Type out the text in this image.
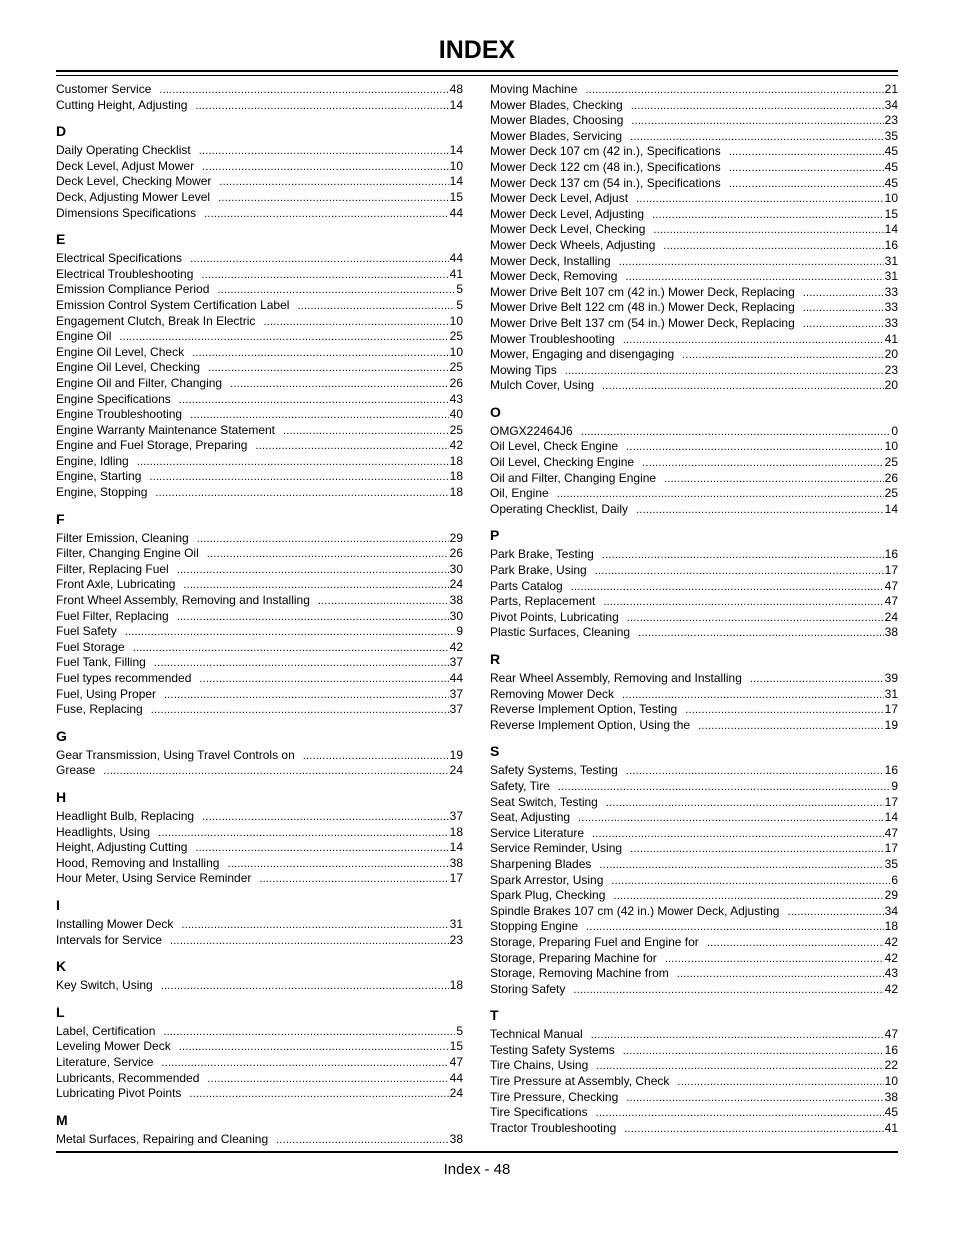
INDEX
Customer Service .....	48
Cutting Height, Adjusting .....	14
D
Daily Operating Checklist .....	14
Deck Level, Adjust Mower .....	10
Deck Level, Checking Mower .....	14
Deck, Adjusting Mower Level .....	15
Dimensions Specifications .....	44
E
Electrical Specifications .....	44
Electrical Troubleshooting .....	41
Emission Compliance Period .....	5
Emission Control System Certification Label .....	5
Engagement Clutch, Break In Electric .....	10
Engine Oil .....	25
Engine Oil Level, Check .....	10
Engine Oil Level, Checking .....	25
Engine Oil and Filter, Changing .....	26
Engine Specifications .....	43
Engine Troubleshooting .....	40
Engine Warranty Maintenance Statement .....	25
Engine and Fuel Storage, Preparing .....	42
Engine, Idling .....	18
Engine, Starting .....	18
Engine, Stopping .....	18
F
Filter Emission, Cleaning .....	29
Filter, Changing Engine Oil .....	26
Filter, Replacing Fuel .....	30
Front Axle, Lubricating .....	24
Front Wheel Assembly, Removing and Installing .....	38
Fuel Filter, Replacing .....	30
Fuel Safety .....	9
Fuel Storage .....	42
Fuel Tank, Filling .....	37
Fuel types recommended .....	44
Fuel, Using Proper .....	37
Fuse, Replacing .....	37
G
Gear Transmission, Using Travel Controls on .....	19
Grease .....	24
H
Headlight Bulb, Replacing .....	37
Headlights, Using .....	18
Height, Adjusting Cutting .....	14
Hood, Removing and Installing .....	38
Hour Meter, Using Service Reminder .....	17
I
Installing Mower Deck .....	31
Intervals for Service .....	23
K
Key Switch, Using .....	18
L
Label, Certification .....	5
Leveling Mower Deck .....	15
Literature, Service .....	47
Lubricants, Recommended .....	44
Lubricating Pivot Points .....	24
M
Metal Surfaces, Repairing and Cleaning .....	38
Moving Machine .....	21
Mower Blades, Checking .....	34
Mower Blades, Choosing .....	23
Mower Blades, Servicing .....	35
Mower Deck 107 cm (42 in.), Specifications .....	45
Mower Deck 122 cm (48 in.), Specifications .....	45
Mower Deck 137 cm (54 in.), Specifications .....	45
Mower Deck Level, Adjust .....	10
Mower Deck Level, Adjusting .....	15
Mower Deck Level, Checking .....	14
Mower Deck Wheels, Adjusting .....	16
Mower Deck, Installing .....	31
Mower Deck, Removing .....	31
Mower Drive Belt 107 cm (42 in.) Mower Deck, Replacing .....	33
Mower Drive Belt 122 cm (48 in.) Mower Deck, Replacing .....	33
Mower Drive Belt 137 cm (54 in.) Mower Deck, Replacing .....	33
Mower Troubleshooting .....	41
Mower, Engaging and disengaging .....	20
Mowing Tips .....	23
Mulch Cover, Using .....	20
O
OMGX22464J6 .....	0
Oil Level, Check Engine .....	10
Oil Level, Checking Engine .....	25
Oil and Filter, Changing Engine .....	26
Oil, Engine .....	25
Operating Checklist, Daily .....	14
P
Park Brake, Testing .....	16
Park Brake, Using .....	17
Parts Catalog .....	47
Parts, Replacement .....	47
Pivot Points, Lubricating .....	24
Plastic Surfaces, Cleaning .....	38
R
Rear Wheel Assembly, Removing and Installing .....	39
Removing Mower Deck .....	31
Reverse Implement Option, Testing .....	17
Reverse Implement Option, Using the .....	19
S
Safety Systems, Testing .....	16
Safety, Tire .....	9
Seat Switch, Testing .....	17
Seat, Adjusting .....	14
Service Literature .....	47
Service Reminder, Using .....	17
Sharpening Blades .....	35
Spark Arrestor, Using .....	6
Spark Plug, Checking .....	29
Spindle Brakes 107 cm (42 in.) Mower Deck, Adjusting .....	34
Stopping Engine .....	18
Storage, Preparing Fuel and Engine for .....	42
Storage, Preparing Machine for .....	42
Storage, Removing Machine from .....	43
Storing Safety .....	42
T
Technical Manual .....	47
Testing Safety Systems .....	16
Tire Chains, Using .....	22
Tire Pressure at Assembly, Check .....	10
Tire Pressure, Checking .....	38
Tire Specifications .....	45
Tractor Troubleshooting .....	41
Index - 48
